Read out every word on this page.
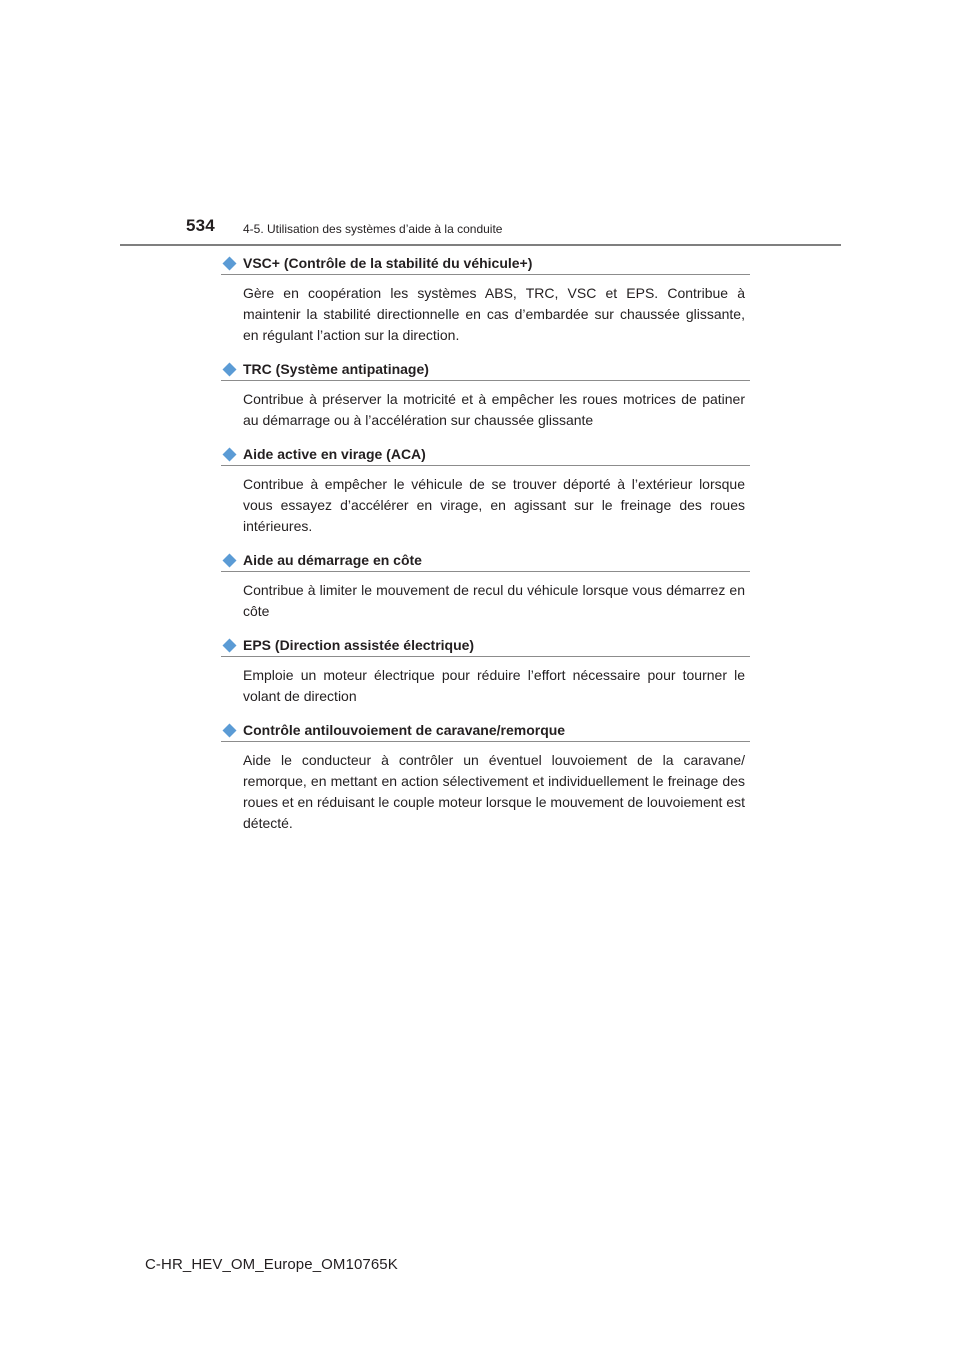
534 4-5. Utilisation des systèmes d’aide à la conduite
VSC+ (Contrôle de la stabilité du véhicule+)
Gère en coopération les systèmes ABS, TRC, VSC et EPS. Contribue à maintenir la stabilité directionnelle en cas d’embardée sur chaussée glissante, en régulant l’action sur la direction.
TRC (Système antipatinage)
Contribue à préserver la motricité et à empêcher les roues motrices de patiner au démarrage ou à l’accélération sur chaussée glissante
Aide active en virage (ACA)
Contribue à empêcher le véhicule de se trouver déporté à l’extérieur lorsque vous essayez d’accélérer en virage, en agissant sur le freinage des roues intérieures.
Aide au démarrage en côte
Contribue à limiter le mouvement de recul du véhicule lorsque vous démarrez en côte
EPS (Direction assistée électrique)
Emploie un moteur électrique pour réduire l’effort nécessaire pour tourner le volant de direction
Contrôle antilouvoiement de caravane/remorque
Aide le conducteur à contrôler un éventuel louvoiement de la caravane/ remorque, en mettant en action sélectivement et individuellement le freinage des roues et en réduisant le couple moteur lorsque le mouvement de louvoiement est détecté.
C-HR_HEV_OM_Europe_OM10765K
